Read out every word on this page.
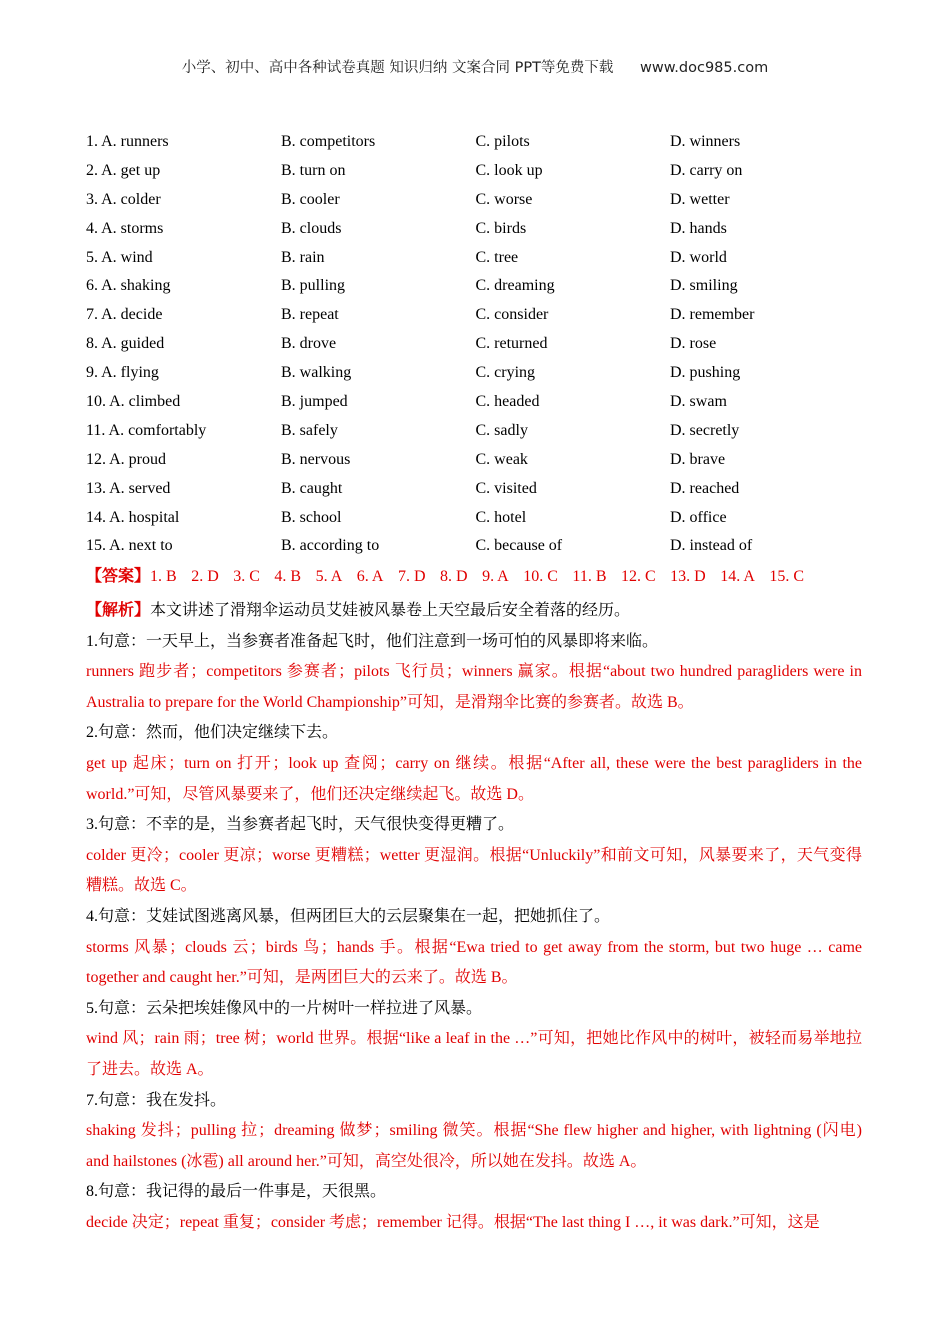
小学、初中、高中各种试卷真题 知识归纳 文案合同 PPT等免费下载 www.doc985.com
1. A. runners	B. competitors	C. pilots	D. winners
2. A. get up	B. turn on	C. look up	D. carry on
3. A. colder	B. cooler	C. worse	D. wetter
4. A. storms	B. clouds	C. birds	D. hands
5. A. wind	B. rain	C. tree	D. world
6. A. shaking	B. pulling	C. dreaming	D. smiling
7. A. decide	B. repeat	C. consider	D. remember
8. A. guided	B. drove	C. returned	D. rose
9. A. flying	B. walking	C. crying	D. pushing
10. A. climbed	B. jumped	C. headed	D. swam
11. A. comfortably	B. safely	C. sadly	D. secretly
12. A. proud	B. nervous	C. weak	D. brave
13. A. served	B. caught	C. visited	D. reached
14. A. hospital	B. school	C. hotel	D. office
15. A. next to	B. according to	C. because of	D. instead of
【答案】1. B 2. D 3. C 4. B 5. A 6. A 7. D 8. D 9. A 10. C 11. B 12. C 13. D 14. A 15. C

【解析】本文讲述了滑翔伞运动员艾娃被风暴卷上天空最后安全着落的经历。

1.句意：一天早上，当参赛者准备起飞时，他们注意到一场可怕的风暴即将来临。

runners 跑步者；competitors 参赛者；pilots 飞行员；winners 赢家。根据“about two hundred paragliders were in Australia to prepare for the World Championship”可知，是滑翔伞比赛的参赛者。故选 B。

2.句意：然而，他们决定继续下去。

get up 起床；turn on 打开；look up 查阅；carry on 继续。根据“After all, these were the best paragliders in the world.”可知，尽管风暴要来了，他们还决定继续起飞。故选 D。

3.句意：不幸的是，当参赛者起飞时，天气很快变得更糟了。

colder 更冷；cooler 更凉；worse 更糟糕；wetter 更湿润。根据“Unluckily”和前文可知，风暴要来了，天气变得糟糕。故选 C。

4.句意：艾娃试图逃离风暴，但两团巨大的云层聚集在一起，把她抓住了。

storms 风暴；clouds 云；birds 鸟；hands 手。根据“Ewa tried to get away from the storm, but two huge … came together and caught her.”可知，是两团巨大的云来了。故选 B。

5.句意：云朵把埃娃像风中的一片树叶一样拉进了风暴。

wind 风；rain 雨；tree 树；world 世界。根据“like a leaf in the …”可知，把她比作风中的树叶，被轻而易举地拉了进去。故选 A。

7.句意：我在发抖。

shaking 发抖；pulling 拉；dreaming 做梦；smiling 微笑。根据“She flew higher and higher, with lightning (闪电) and hailstones (冰雹) all around her.”可知，高空处很冷，所以她在发抖。故选 A。

8.句意：我记得的最后一件事是，天很黑。

decide 决定；repeat 重复；consider 考虑；remember 记得。根据“The last thing I …, it was dark.”可知，这是
